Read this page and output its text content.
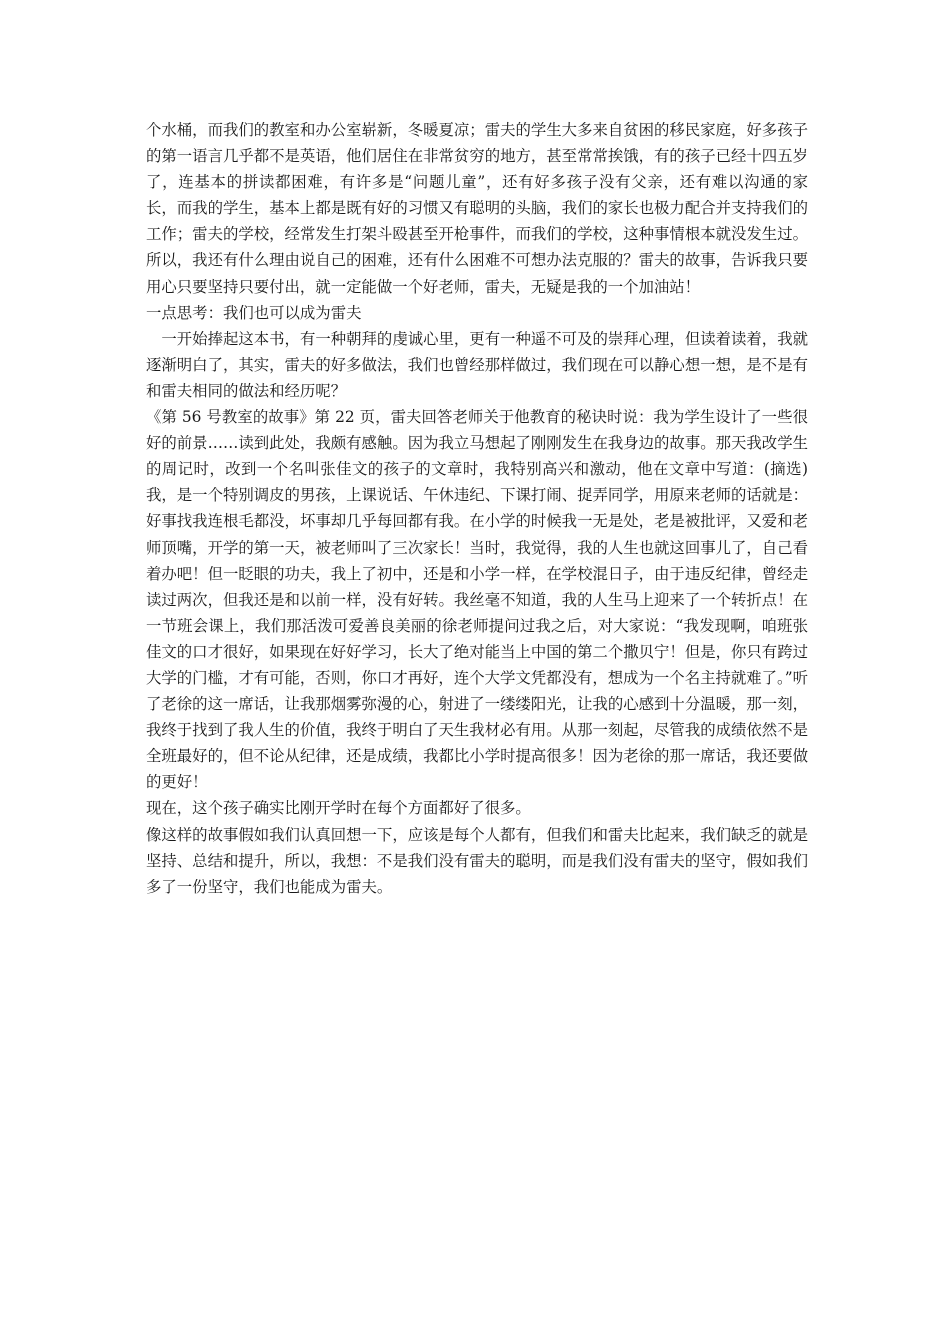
个水桶，而我们的教室和办公室崭新，冬暖夏凉；雷夫的学生大多来自贫困的移民家庭，好多孩子的第一语言几乎都不是英语，他们居住在非常贫穷的地方，甚至常常挨饿，有的孩子已经十四五岁了，连基本的拼读都困难，有许多是“问题儿童”，还有好多孩子没有父亲，还有难以沟通的家长，而我的学生，基本上都是既有好的习惯又有聪明的头脑，我们的家长也极力配合并支持我们的工作；雷夫的学校，经常发生打架斗殴甚至开枪事件，而我们的学校，这种事情根本就没发生过。所以，我还有什么理由说自己的困难，还有什么困难不可想办法克服的？雷夫的故事，告诉我只要用心只要坚持只要付出，就一定能做一个好老师，雷夫，无疑是我的一个加油站！

一点思考：我们也可以成为雷夫

一开始捧起这本书，有一种朝拜的虔诚心里，更有一种遥不可及的崇拜心理，但读着读着，我就逐渐明白了，其实，雷夫的好多做法，我们也曾经那样做过，我们现在可以静心想一想，是不是有和雷夫相同的做法和经历呢？

《第 56 号教室的故事》第 22 页，雷夫回答老师关于他教育的秘诀时说：我为学生设计了一些很好的前景……读到此处，我颇有感触。因为我立马想起了刚刚发生在我身边的故事。那天我改学生的周记时，改到一个名叫张佳文的孩子的文章时，我特别高兴和激动，他在文章中写道：(摘选)我，是一个特别调皮的男孩，上课说话、午休违纪、下课打闹、捉弄同学，用原来老师的话就是：好事找我连根毛都没，坏事却几乎每回都有我。在小学的时候我一无是处，老是被批评，又爱和老师顶嘴，开学的第一天，被老师叫了三次家长！当时，我觉得，我的人生也就这回事儿了，自己看着办吧！但一眨眼的功夫，我上了初中，还是和小学一样，在学校混日子，由于违反纪律，曾经走读过两次，但我还是和以前一样，没有好转。我丝毫不知道，我的人生马上迎来了一个转折点！在一节班会课上，我们那活泼可爱善良美丽的徐老师提问过我之后，对大家说：“我发现啊，咱班张佳文的口才很好，如果现在好好学习，长大了绝对能当上中国的第二个撒贝宁！但是，你只有跨过大学的门槛，才有可能，否则，你口才再好，连个大学文凭都没有，想成为一个名主持就难了。”听了老徐的这一席话，让我那烟雾弥漫的心，射进了一缕缕阳光，让我的心感到十分温暖，那一刻，我终于找到了我人生的价值，我终于明白了天生我材必有用。从那一刻起，尽管我的成绩依然不是全班最好的，但不论从纪律，还是成绩，我都比小学时提高很多！因为老徐的那一席话，我还要做的更好！

现在，这个孩子确实比刚开学时在每个方面都好了很多。

像这样的故事假如我们认真回想一下，应该是每个人都有，但我们和雷夫比起来，我们缺乏的就是坚持、总结和提升，所以，我想：不是我们没有雷夫的聪明，而是我们没有雷夫的坚守，假如我们多了一份坚守，我们也能成为雷夫。
